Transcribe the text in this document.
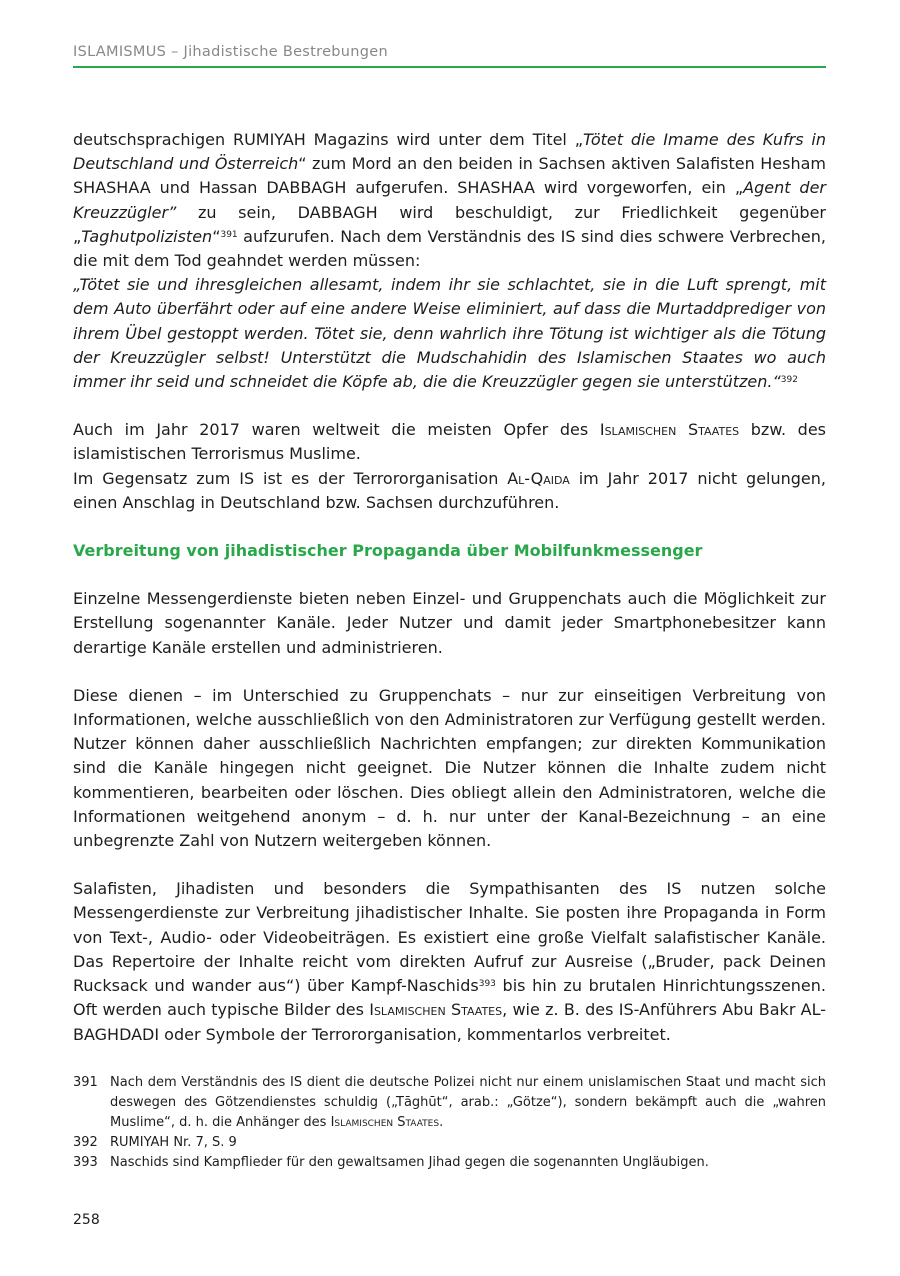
ISLAMISMUS – Jihadistische Bestrebungen

deutschsprachigen RUMIYAH Magazins wird unter dem Titel „Tötet die Imame des Kufrs in Deutschland und Österreich“ zum Mord an den beiden in Sachsen aktiven Salafisten Hesham SHASHAA und Hassan DABBAGH aufgerufen. SHASHAA wird vorgeworfen, ein „Agent der Kreuzzügler” zu sein, DABBAGH wird beschuldigt, zur Friedlichkeit gegenüber „Taghutpolizisten“$^{391}$ aufzurufen. Nach dem Verständnis des IS sind dies schwere Verbrechen, die mit dem Tod geahndet werden müssen:

„Tötet sie und ihresgleichen allesamt, indem ihr sie schlachtet, sie in die Luft sprengt, mit dem Auto überfährt oder auf eine andere Weise eliminiert, auf dass die Murtaddprediger von ihrem Übel gestoppt werden. Tötet sie, denn wahrlich ihre Tötung ist wichtiger als die Tötung der Kreuzzügler selbst! Unterstützt die Mudschahidin des Islamischen Staates wo auch immer ihr seid und schneidet die Köpfe ab, die die Kreuzzügler gegen sie unterstützen.“$^{392}$

Auch im Jahr 2017 waren weltweit die meisten Opfer des Islamischen Staates bzw. des islamistischen Terrorismus Muslime.

Im Gegensatz zum IS ist es der Terrororganisation Al-Qaida im Jahr 2017 nicht gelungen, einen Anschlag in Deutschland bzw. Sachsen durchzuführen.

Verbreitung von jihadistischer Propaganda über Mobilfunkmessenger

Einzelne Messengerdienste bieten neben Einzel- und Gruppenchats auch die Möglichkeit zur Erstellung sogenannter Kanäle. Jeder Nutzer und damit jeder Smartphonebesitzer kann derartige Kanäle erstellen und administrieren.

Diese dienen – im Unterschied zu Gruppenchats – nur zur einseitigen Verbreitung von Informationen, welche ausschließlich von den Administratoren zur Verfügung gestellt werden. Nutzer können daher ausschließlich Nachrichten empfangen; zur direkten Kommunikation sind die Kanäle hingegen nicht geeignet. Die Nutzer können die Inhalte zudem nicht kommentieren, bearbeiten oder löschen. Dies obliegt allein den Administratoren, welche die Informationen weitgehend anonym – d. h. nur unter der Kanal-Bezeichnung – an eine unbegrenzte Zahl von Nutzern weitergeben können.

Salafisten, Jihadisten und besonders die Sympathisanten des IS nutzen solche Messengerdienste zur Verbreitung jihadistischer Inhalte. Sie posten ihre Propaganda in Form von Text-, Audio- oder Videobeiträgen. Es existiert eine große Vielfalt salafistischer Kanäle. Das Repertoire der Inhalte reicht vom direkten Aufruf zur Ausreise („Bruder, pack Deinen Rucksack und wander aus“) über Kampf-Naschids$^{393}$ bis hin zu brutalen Hinrichtungsszenen. Oft werden auch typische Bilder des Islamischen Staates, wie z. B. des IS-Anführers Abu Bakr AL-BAGHDADI oder Symbole der Terrororganisation, kommentarlos verbreitet.

391 Nach dem Verständnis des IS dient die deutsche Polizei nicht nur einem unislamischen Staat und macht sich deswegen des Götzendienstes schuldig („Tāghūt“, arab.: „Götze“), sondern bekämpft auch die „wahren Muslime“, d. h. die Anhänger des Islamischen Staates.
392 RUMIYAH Nr. 7, S. 9
393 Naschids sind Kampflieder für den gewaltsamen Jihad gegen die sogenannten Ungläubigen.
258
